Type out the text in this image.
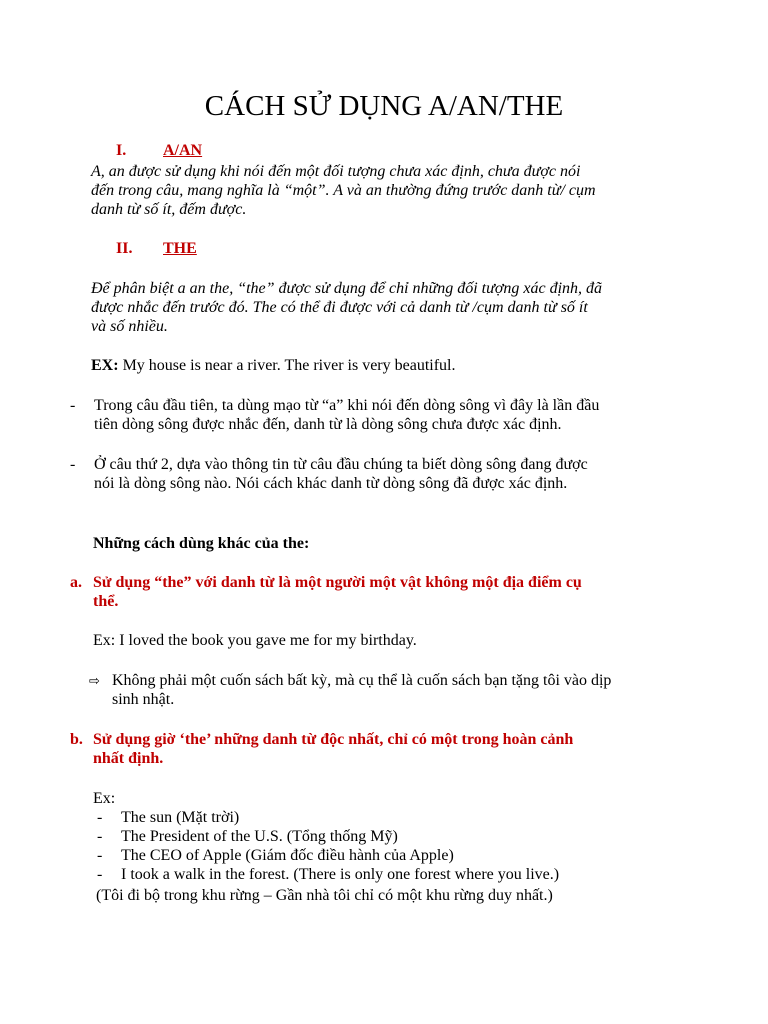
CÁCH SỬ DỤNG A/AN/THE
I. A/AN
A, an được sử dụng khi nói đến một đối tượng chưa xác định, chưa được nói
đến trong câu, mang nghĩa là “một”. A và an thường đứng trước danh từ/ cụm
danh từ số ít, đếm được.
II. THE
Để phân biệt a an the, “the” được sử dụng để chỉ những đối tượng xác định, đã
được nhắc đến trước đó. The có thể đi được với cả danh từ /cụm danh từ số ít
và số nhiều.
EX: My house is near a river. The river is very beautiful.
- Trong câu đầu tiên, ta dùng mạo từ “a” khi nói đến dòng sông vì đây là lần đầu
tiên dòng sông được nhắc đến, danh từ là dòng sông chưa được xác định.
- Ở câu thứ 2, dựa vào thông tin từ câu đầu chúng ta biết dòng sông đang được
nói là dòng sông nào. Nói cách khác danh từ dòng sông đã được xác định.
Những cách dùng khác của the:
a. Sử dụng “the” với danh từ là một người một vật không một địa điểm cụ
thể.
Ex: I loved the book you gave me for my birthday.
⇨ Không phải một cuốn sách bất kỳ, mà cụ thể là cuốn sách bạn tặng tôi vào dịp
sinh nhật.
b. Sử dụng giờ ‘the’ những danh từ độc nhất, chỉ có một trong hoàn cảnh
nhất định.
Ex:
- The sun (Mặt trời)
- The President of the U.S. (Tổng thống Mỹ)
- The CEO of Apple (Giám đốc điều hành của Apple)
- I took a walk in the forest. (There is only one forest where you live.)
(Tôi đi bộ trong khu rừng – Gần nhà tôi chỉ có một khu rừng duy nhất.)
